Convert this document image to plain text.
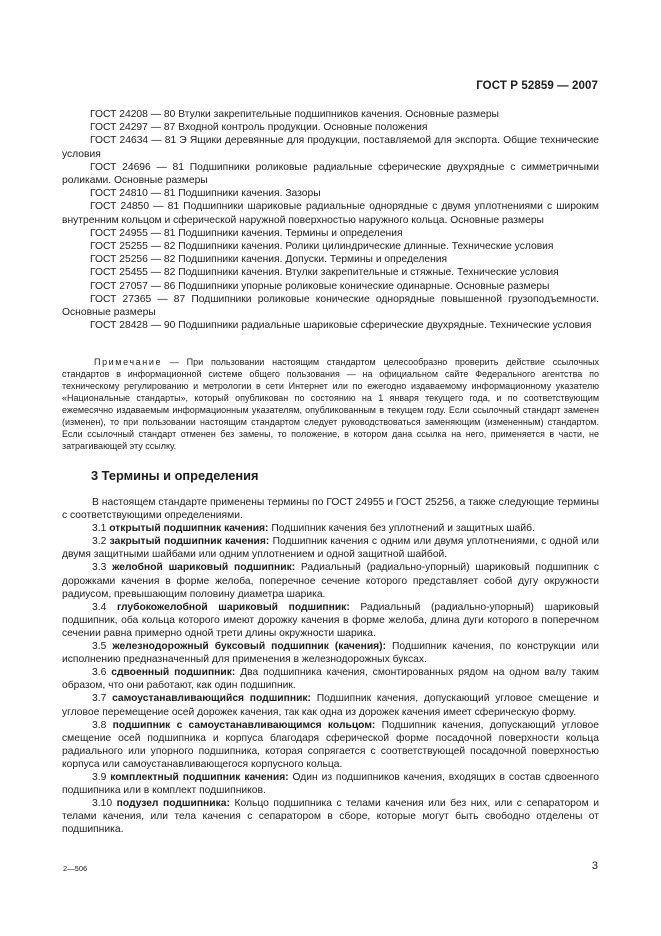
ГОСТ Р 52859 — 2007

ГОСТ 24208 — 80 Втулки закрепительные подшипников качения. Основные размеры

ГОСТ 24297 — 87 Входной контроль продукции. Основные положения

ГОСТ 24634 — 81 Э Ящики деревянные для продукции, поставляемой для экспорта. Общие технические условия

ГОСТ 24696 — 81 Подшипники роликовые радиальные сферические двухрядные с симметричными роликами. Основные размеры

ГОСТ 24810 — 81 Подшипники качения. Зазоры

ГОСТ 24850 — 81 Подшипники шариковые радиальные однорядные с двумя уплотнениями с широким внутренним кольцом и сферической наружной поверхностью наружного кольца. Основные размеры

ГОСТ 24955 — 81 Подшипники качения. Термины и определения

ГОСТ 25255 — 82 Подшипники качения. Ролики цилиндрические длинные. Технические условия

ГОСТ 25256 — 82 Подшипники качения. Допуски. Термины и определения

ГОСТ 25455 — 82 Подшипники качения. Втулки закрепительные и стяжные. Технические условия

ГОСТ 27057 — 86 Подшипники упорные роликовые конические одинарные. Основные размеры

ГОСТ 27365 — 87 Подшипники роликовые конические однорядные повышенной грузоподъемности. Основные размеры

ГОСТ 28428 — 90 Подшипники радиальные шариковые сферические двухрядные. Технические условия

Примечание — При пользовании настоящим стандартом целесообразно проверить действие ссылочных стандартов в информационной системе общего пользования — на официальном сайте Федерального агентства по техническому регулированию и метрологии в сети Интернет или по ежегодно издаваемому информационному указателю «Национальные стандарты», который опубликован по состоянию на 1 января текущего года, и по соответствующим ежемесячно издаваемым информационным указателям, опубликованным в текущем году. Если ссылочный стандарт заменен (изменен), то при пользовании настоящим стандартом следует руководствоваться заменяющим (измененным) стандартом. Если ссылочный стандарт отменен без замены, то положение, в котором дана ссылка на него, применяется в части, не затрагивающей эту ссылку.

3 Термины и определения

В настоящем стандарте применены термины по ГОСТ 24955 и ГОСТ 25256, а также следующие термины с соответствующими определениями.

3.1 открытый подшипник качения: Подшипник качения без уплотнений и защитных шайб.

3.2 закрытый подшипник качения: Подшипник качения с одним или двумя уплотнениями, с одной или двумя защитными шайбами или одним уплотнением и одной защитной шайбой.

3.3 желобной шариковый подшипник: Радиальный (радиально-упорный) шариковый подшипник с дорожками качения в форме желоба, поперечное сечение которого представляет собой дугу окружности радиусом, превышающим половину диаметра шарика.

3.4 глубокожелобной шариковый подшипник: Радиальный (радиально-упорный) шариковый подшипник, оба кольца которого имеют дорожку качения в форме желоба, длина дуги которого в поперечном сечении равна примерно одной трети длины окружности шарика.

3.5 железнодорожный буксовый подшипник (качения): Подшипник качения, по конструкции или исполнению предназначенный для применения в железнодорожных буксах.

3.6 сдвоенный подшипник: Два подшипника качения, смонтированных рядом на одном валу таким образом, что они работают, как один подшипник.

3.7 самоустанавливающийся подшипник: Подшипник качения, допускающий угловое смещение и угловое перемещение осей дорожек качения, так как одна из дорожек качения имеет сферическую форму.

3.8 подшипник с самоустанавливающимся кольцом: Подшипник качения, допускающий угловое смещение осей подшипника и корпуса благодаря сферической форме посадочной поверхности кольца радиального или упорного подшипника, которая сопрягается с соответствующей посадочной поверхностью корпуса или самоустанавливающегося корпусного кольца.

3.9 комплектный подшипник качения: Один из подшипников качения, входящих в состав сдвоенного подшипника или в комплект подшипников.

3.10 подузел подшипника: Кольцо подшипника с телами качения или без них, или с сепаратором и телами качения, или тела качения с сепаратором в сборе, которые могут быть свободно отделены от подшипника.

2—506	3
